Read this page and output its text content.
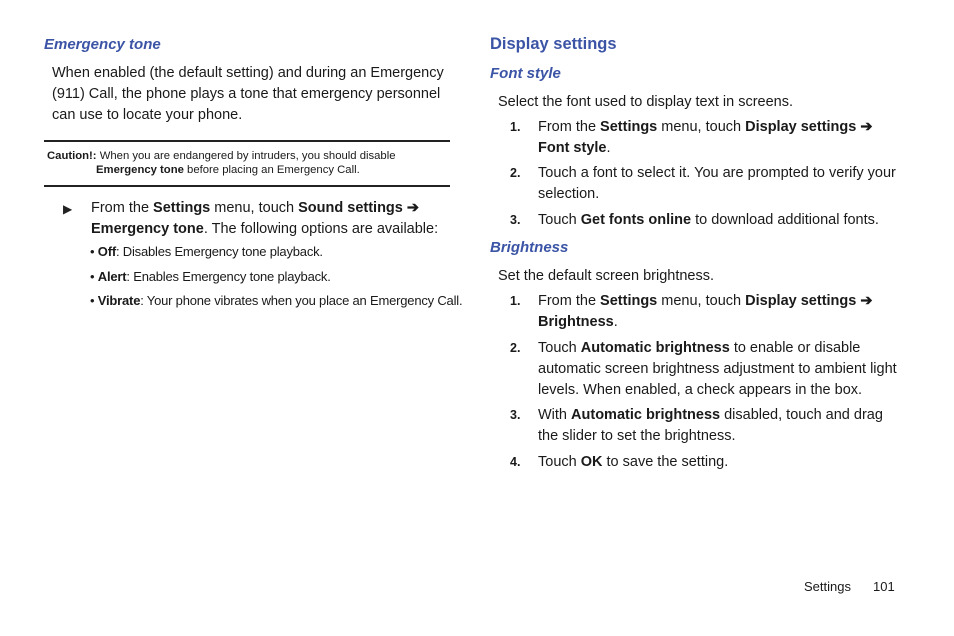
Emergency tone

When enabled (the default setting) and during an Emergency (911) Call, the phone plays a tone that emergency personnel can use to locate your phone.

Caution!: When you are endangered by intruders, you should disable
Emergency tone before placing an Emergency Call.
▶ From the Settings menu, touch Sound settings ➔ Emergency tone. The following options are available:

• Off: Disables Emergency tone playback.
• Alert: Enables Emergency tone playback.
• Vibrate: Your phone vibrates when you place an Emergency Call.
Display settings
Font style

Select the font used to display text in screens.

1. From the Settings menu, touch Display settings ➔ Font style.

2. Touch a font to select it. You are prompted to verify your selection.

3. Touch Get fonts online to download additional fonts.

Brightness

Set the default screen brightness.

1. From the Settings menu, touch Display settings ➔ Brightness.

2. Touch Automatic brightness to enable or disable automatic screen brightness adjustment to ambient light levels. When enabled, a check appears in the box.

3. With Automatic brightness disabled, touch and drag the slider to set the brightness.

4. Touch OK to save the setting.

Settings 101
